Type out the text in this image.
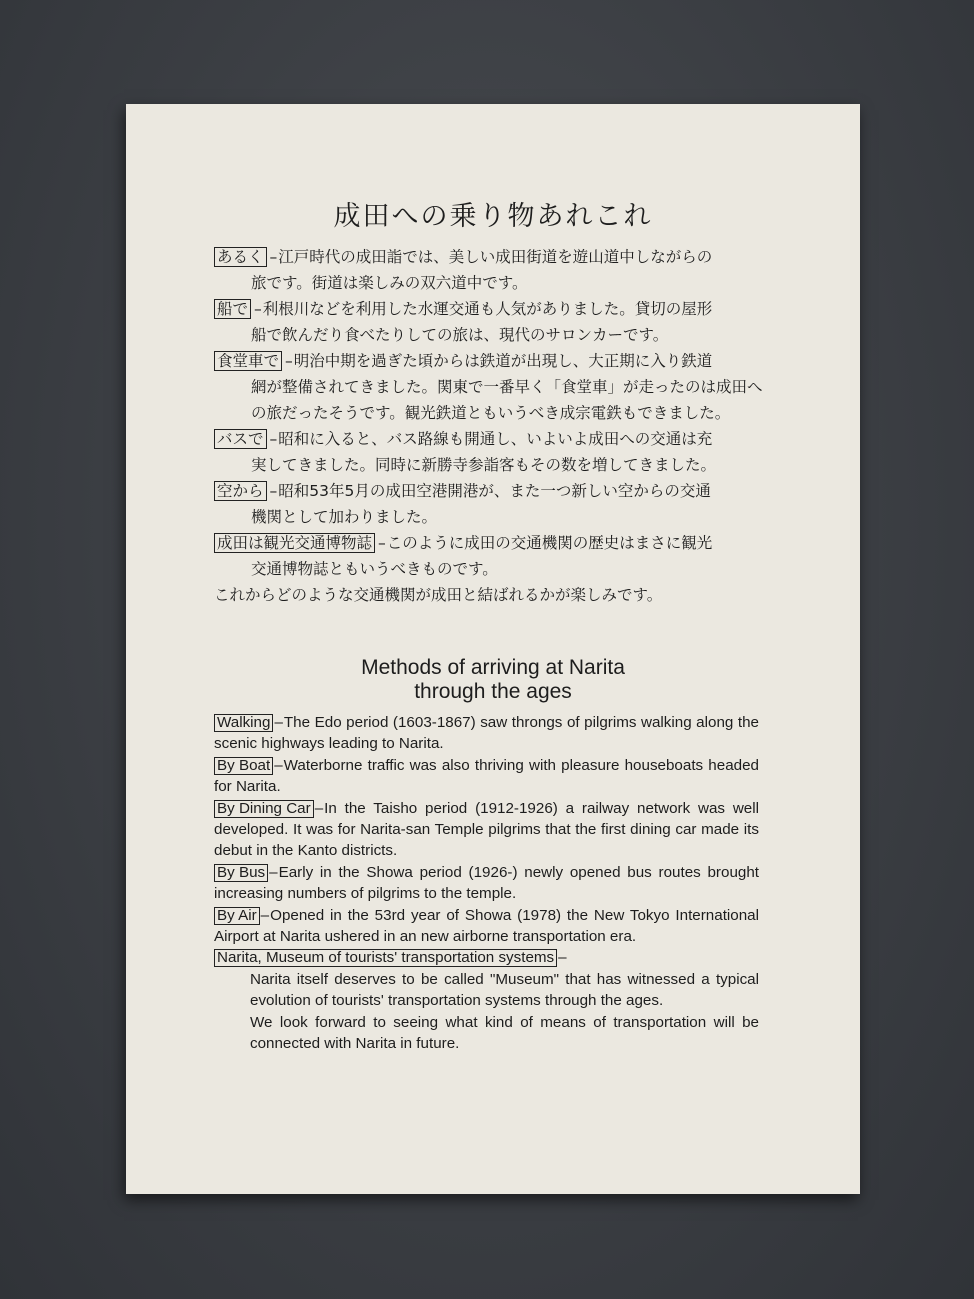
成田への乗り物あれこれ
あるく –江戸時代の成田詣では、美しい成田街道を遊山道中しながらの
旅です。街道は楽しみの双六道中です。
船で –利根川などを利用した水運交通も人気がありました。貸切の屋形
船で飲んだり食べたりしての旅は、現代のサロンカーです。
食堂車で –明治中期を過ぎた頃からは鉄道が出現し、大正期に入り鉄道
網が整備されてきました。関東で一番早く「食堂車」が走ったのは成田への旅だったそうです。観光鉄道ともいうべき成宗電鉄もできました。
バスで –昭和に入ると、バス路線も開通し、いよいよ成田への交通は充
実してきました。同時に新勝寺参詣客もその数を増してきました。
空から –昭和53年5月の成田空港開港が、また一つ新しい空からの交通
機関として加わりました。
成田は観光交通博物誌 –このように成田の交通機関の歴史はまさに観光
交通博物誌ともいうべきものです。
これからどのような交通機関が成田と結ばれるかが楽しみです。
Methods of arriving at Narita
through the ages
Walking –The Edo period (1603-1867) saw throngs of pilgrims walking along the scenic highways leading to Narita.
By Boat –Waterborne traffic was also thriving with pleasure houseboats headed for Narita.
By Dining Car –In the Taisho period (1912-1926) a railway network was well developed. It was for Narita-san Temple pilgrims that the first dining car made its debut in the Kanto districts.
By Bus –Early in the Showa period (1926-) newly opened bus routes brought increasing numbers of pilgrims to the temple.
By Air –Opened in the 53rd year of Showa (1978) the New Tokyo International Airport at Narita ushered in an new airborne transportation era.
Narita, Museum of tourists' transportation systems –
Narita itself deserves to be called "Museum" that has witnessed a typical evolution of tourists' transportation systems through the ages.
We look forward to seeing what kind of means of transportation will be connected with Narita in future.
